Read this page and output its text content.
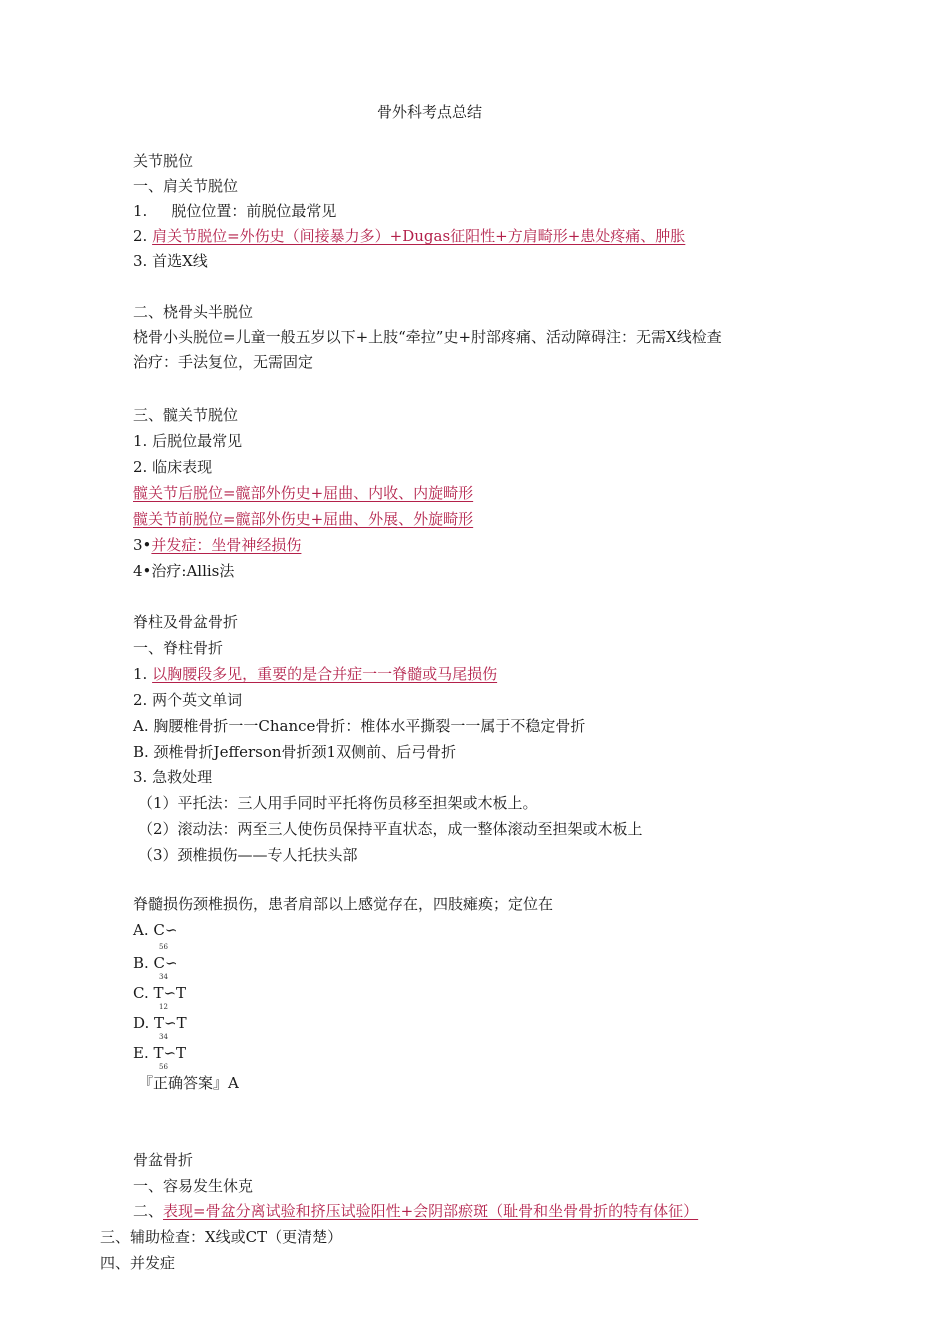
骨外科考点总结
关节脱位
一、肩关节脱位
1. 脱位位置：前脱位最常见
2. 肩关节脱位=外伤史（间接暴力多）+Dugas征阳性+方肩畸形+患处疼痛、肿胀
3. 首选X线
二、桡骨头半脱位
桡骨小头脱位=儿童一般五岁以下+上肢“牵拉”史+肘部疼痛、活动障碍注：无需X线检查
治疗：手法复位，无需固定
三、髋关节脱位
1. 后脱位最常见
2. 临床表现
髋关节后脱位=髋部外伤史+屈曲、内收、内旋畸形
髋关节前脱位=髋部外伤史+屈曲、外展、外旋畸形
3•并发症：坐骨神经损伤
4•治疗:Allis法
脊柱及骨盆骨折
一、脊柱骨折
1. 以胸腰段多见，重要的是合并症一一脊髓或马尾损伤
2. 两个英文单词
A. 胸腰椎骨折一一Chance骨折：椎体水平撕裂一一属于不稳定骨折
B. 颈椎骨折Jefferson骨折颈1双侧前、后弓骨折
3. 急救处理
（1）平托法：三人用手同时平托将伤员移至担架或木板上。
（2）滚动法：两至三人使伤员保持平直状态，成一整体滚动至担架或木板上
（3）颈椎损伤——专人托扶头部
脊髓损伤颈椎损伤，患者肩部以上感觉存在，四肢瘫痪；定位在
A. C∽
56
B. C∽
34
C. T∽T
12
D. T∽T
34
E. T∽T
56
『正确答案』A
骨盆骨折
一、容易发生休克
二、表现=骨盆分离试验和挤压试验阳性+会阴部瘀斑（耻骨和坐骨骨折的特有体征）
三、辅助检查：X线或CT（更清楚）
四、并发症
